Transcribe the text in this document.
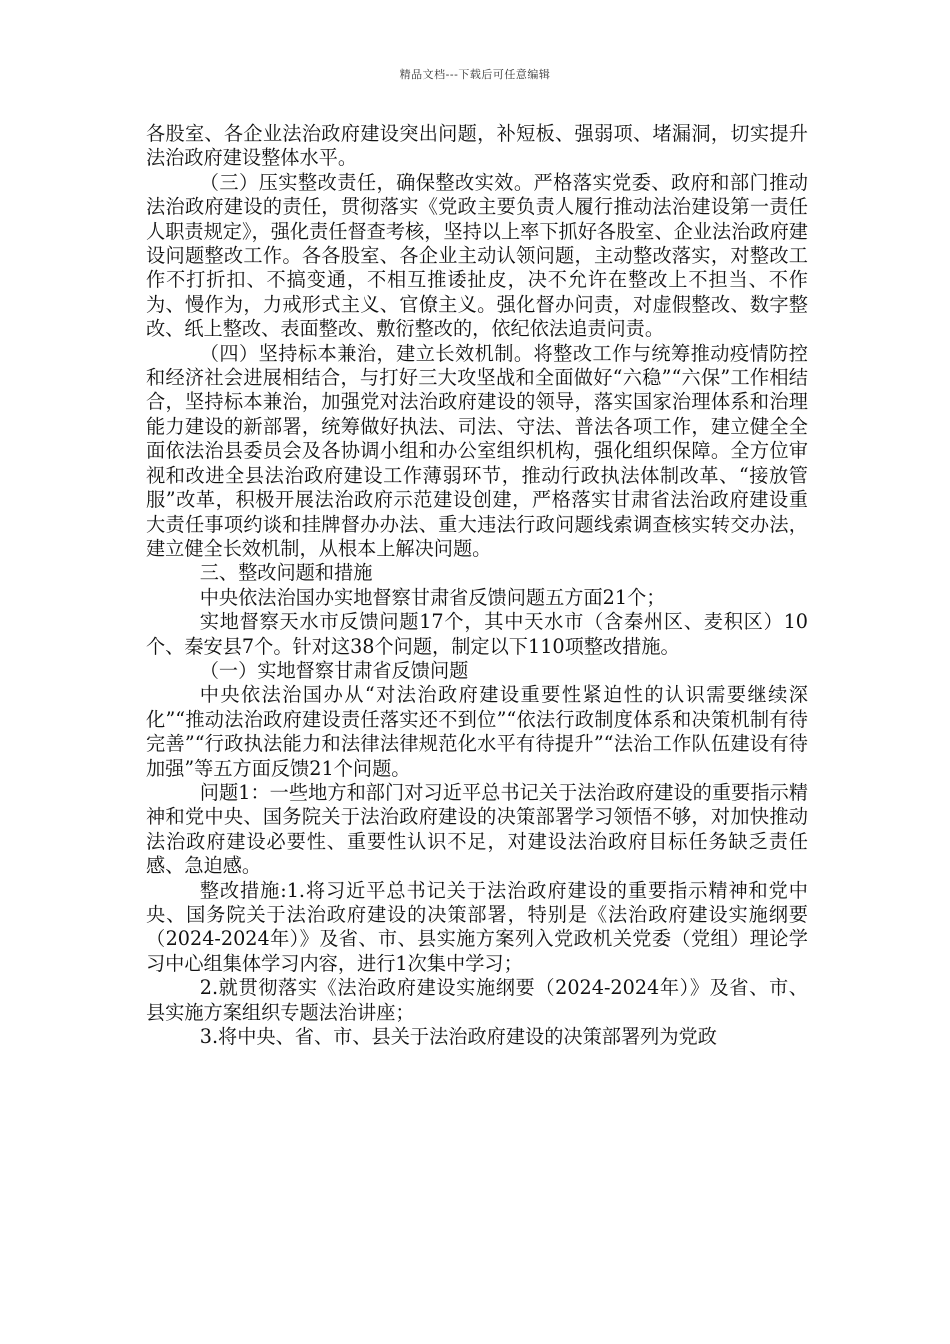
精品文档---下载后可任意编辑

各股室、各企业法治政府建设突出问题，补短板、强弱项、堵漏洞，切实提升法治政府建设整体水平。

（三）压实整改责任，确保整改实效。严格落实党委、政府和部门推动法治政府建设的责任，贯彻落实《党政主要负责人履行推动法治建设第一责任人职责规定》，强化责任督查考核，坚持以上率下抓好各股室、企业法治政府建设问题整改工作。各各股室、各企业主动认领问题，主动整改落实，对整改工作不打折扣、不搞变通，不相互推诿扯皮，决不允许在整改上不担当、不作为、慢作为，力戒形式主义、官僚主义。强化督办问责，对虚假整改、数字整改、纸上整改、表面整改、敷衍整改的，依纪依法追责问责。

（四）坚持标本兼治，建立长效机制。将整改工作与统筹推动疫情防控和经济社会进展相结合，与打好三大攻坚战和全面做好“六稳”“六保”工作相结合，坚持标本兼治，加强党对法治政府建设的领导，落实国家治理体系和治理能力建设的新部署，统筹做好执法、司法、守法、普法各项工作，建立健全全面依法治县委员会及各协调小组和办公室组织机构，强化组织保障。全方位审视和改进全县法治政府建设工作薄弱环节，推动行政执法体制改革、“接放管服”改革，积极开展法治政府示范建设创建，严格落实甘肃省法治政府建设重大责任事项约谈和挂牌督办办法、重大违法行政问题线索调查核实转交办法，建立健全长效机制，从根本上解决问题。

三、整改问题和措施

中央依法治国办实地督察甘肃省反馈问题五方面21个；

实地督察天水市反馈问题17个，其中天水市（含秦州区、麦积区）10个、秦安县7个。针对这38个问题，制定以下110项整改措施。

（一）实地督察甘肃省反馈问题

中央依法治国办从“对法治政府建设重要性紧迫性的认识需要继续深化”“推动法治政府建设责任落实还不到位”“依法行政制度体系和决策机制有待完善”“行政执法能力和法律法律规范化水平有待提升”“法治工作队伍建设有待加强”等五方面反馈21个问题。

问题1：一些地方和部门对习近平总书记关于法治政府建设的重要指示精神和党中央、国务院关于法治政府建设的决策部署学习领悟不够，对加快推动法治政府建设必要性、重要性认识不足，对建设法治政府目标任务缺乏责任感、急迫感。

整改措施:1.将习近平总书记关于法治政府建设的重要指示精神和党中央、国务院关于法治政府建设的决策部署，特别是《法治政府建设实施纲要（2024-2024年）》及省、市、县实施方案列入党政机关党委（党组）理论学习中心组集体学习内容，进行1次集中学习；

2.就贯彻落实《法治政府建设实施纲要（2024-2024年）》及省、市、县实施方案组织专题法治讲座；

3.将中央、省、市、县关于法治政府建设的决策部署列为党政
